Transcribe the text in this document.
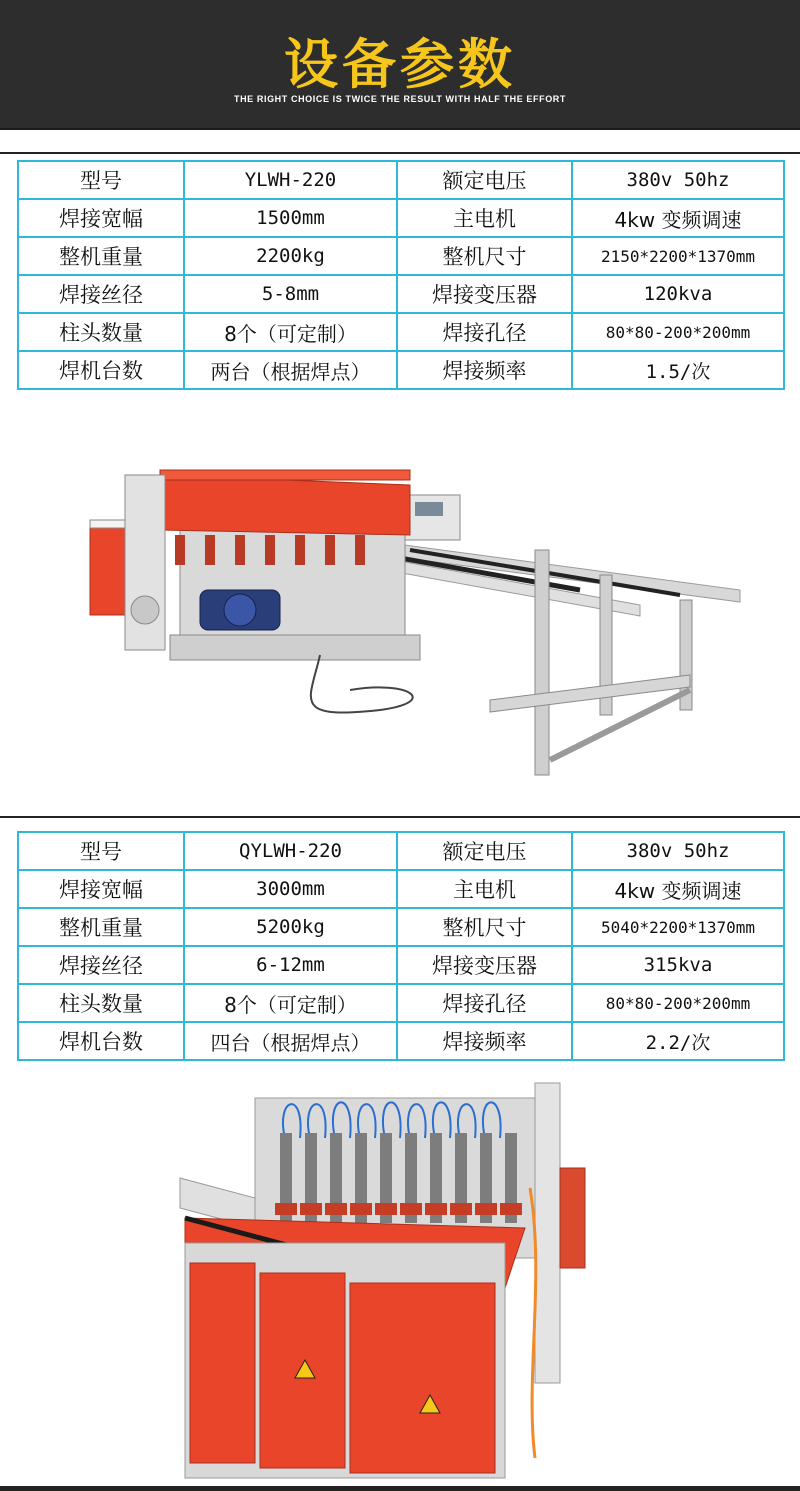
设备参数
THE RIGHT CHOICE IS TWICE THE RESULT WITH HALF THE EFFORT
型号	YLWH-220	额定电压	380v 50hz
焊接宽幅	1500mm	主电机	4kw 变频调速
整机重量	2200kg	整机尺寸	2150*2200*1370mm
焊接丝径	5-8mm	焊接变压器	120kva
柱头数量	8个（可定制）	焊接孔径	80*80-200*200mm
焊机台数	两台（根据焊点）	焊接频率	1.5/次
型号	QYLWH-220	额定电压	380v 50hz
焊接宽幅	3000mm	主电机	4kw 变频调速
整机重量	5200kg	整机尺寸	5040*2200*1370mm
焊接丝径	6-12mm	焊接变压器	315kva
柱头数量	8个（可定制）	焊接孔径	80*80-200*200mm
焊机台数	四台（根据焊点）	焊接频率	2.2/次
